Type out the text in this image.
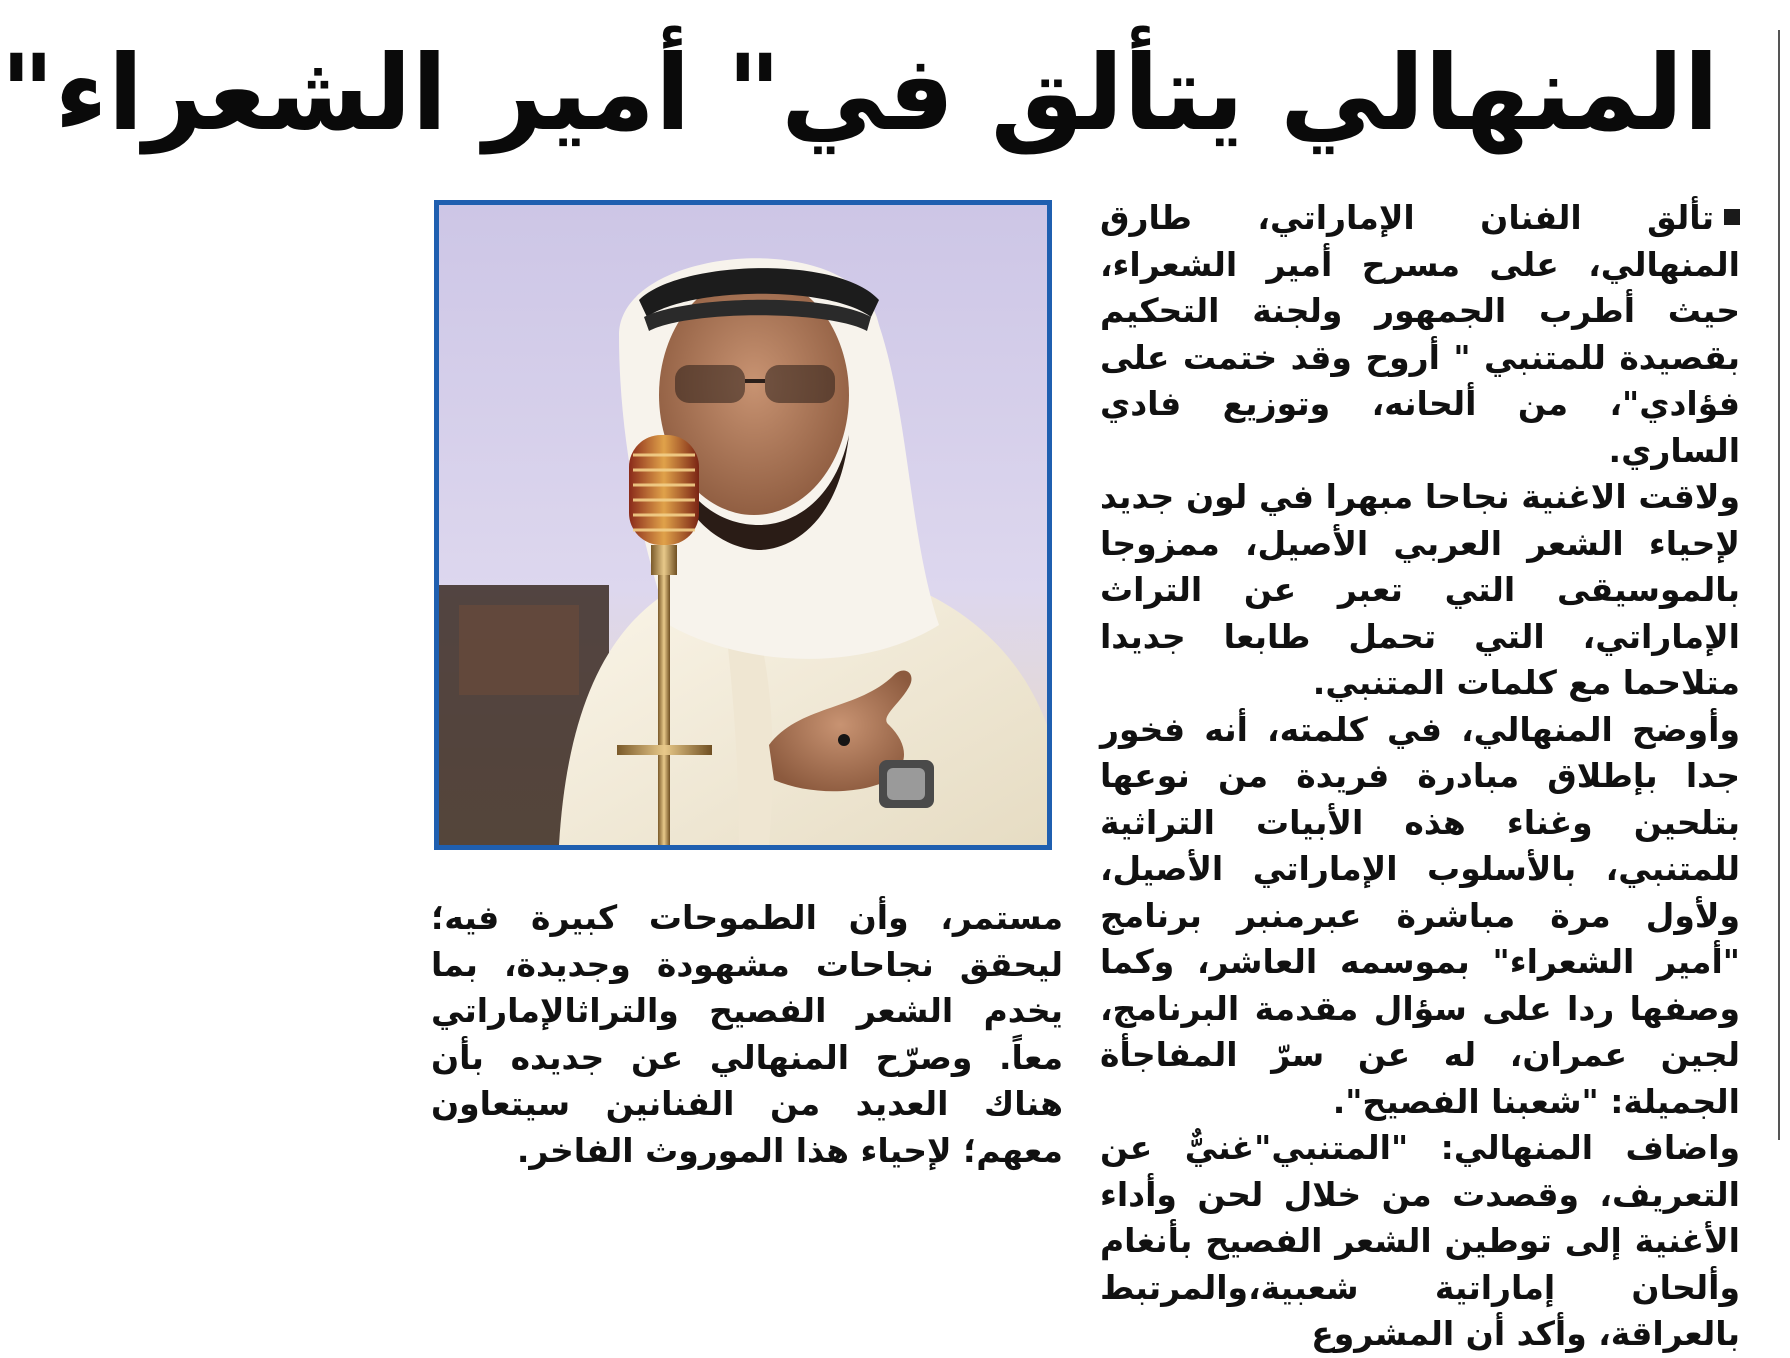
المنهالي يتألق في" أمير الشعراء"

تألق الفنان الإماراتي، طارق المنهالي، على مسرح أمير الشعراء، حيث أطرب الجمهور ولجنة التحكيم بقصيدة للمتنبي " أروح وقد ختمت على فؤادي"، من ألحانه، وتوزيع فادي الساري.

ولاقت الاغنية نجاحا مبهرا في لون جديد لإحياء الشعر العربي الأصيل، ممزوجا بالموسيقى التي تعبر عن التراث الإماراتي، التي تحمل طابعا جديدا متلاحما مع كلمات المتنبي.

وأوضح المنهالي، في كلمته، أنه فخور جدا بإطلاق مبادرة فريدة من نوعها بتلحين وغناء هذه الأبيات التراثية للمتنبي، بالأسلوب الإماراتي الأصيل، ولأول مرة مباشرة عبرمنبر برنامج "أمير الشعراء" بموسمه العاشر، وكما وصفها ردا على سؤال مقدمة البرنامج، لجين عمران، له عن سرّ المفاجأة الجميلة: "شعبنا الفصيح".

واضاف المنهالي: "المتنبي"غنيٌّ عن التعريف، وقصدت من خلال لحن وأداء الأغنية إلى توطين الشعر الفصيح بأنغام وألحان إماراتية شعبية،والمرتبط بالعراقة، وأكد أن المشروع

مستمر، وأن الطموحات كبيرة فيه؛ ليحقق نجاحات مشهودة وجديدة، بما يخدم الشعر الفصيح والتراثالإماراتي معاً. وصرّح المنهالي عن جديده بأن هناك العديد من الفنانين سيتعاون معهم؛ لإحياء هذا الموروث الفاخر.
